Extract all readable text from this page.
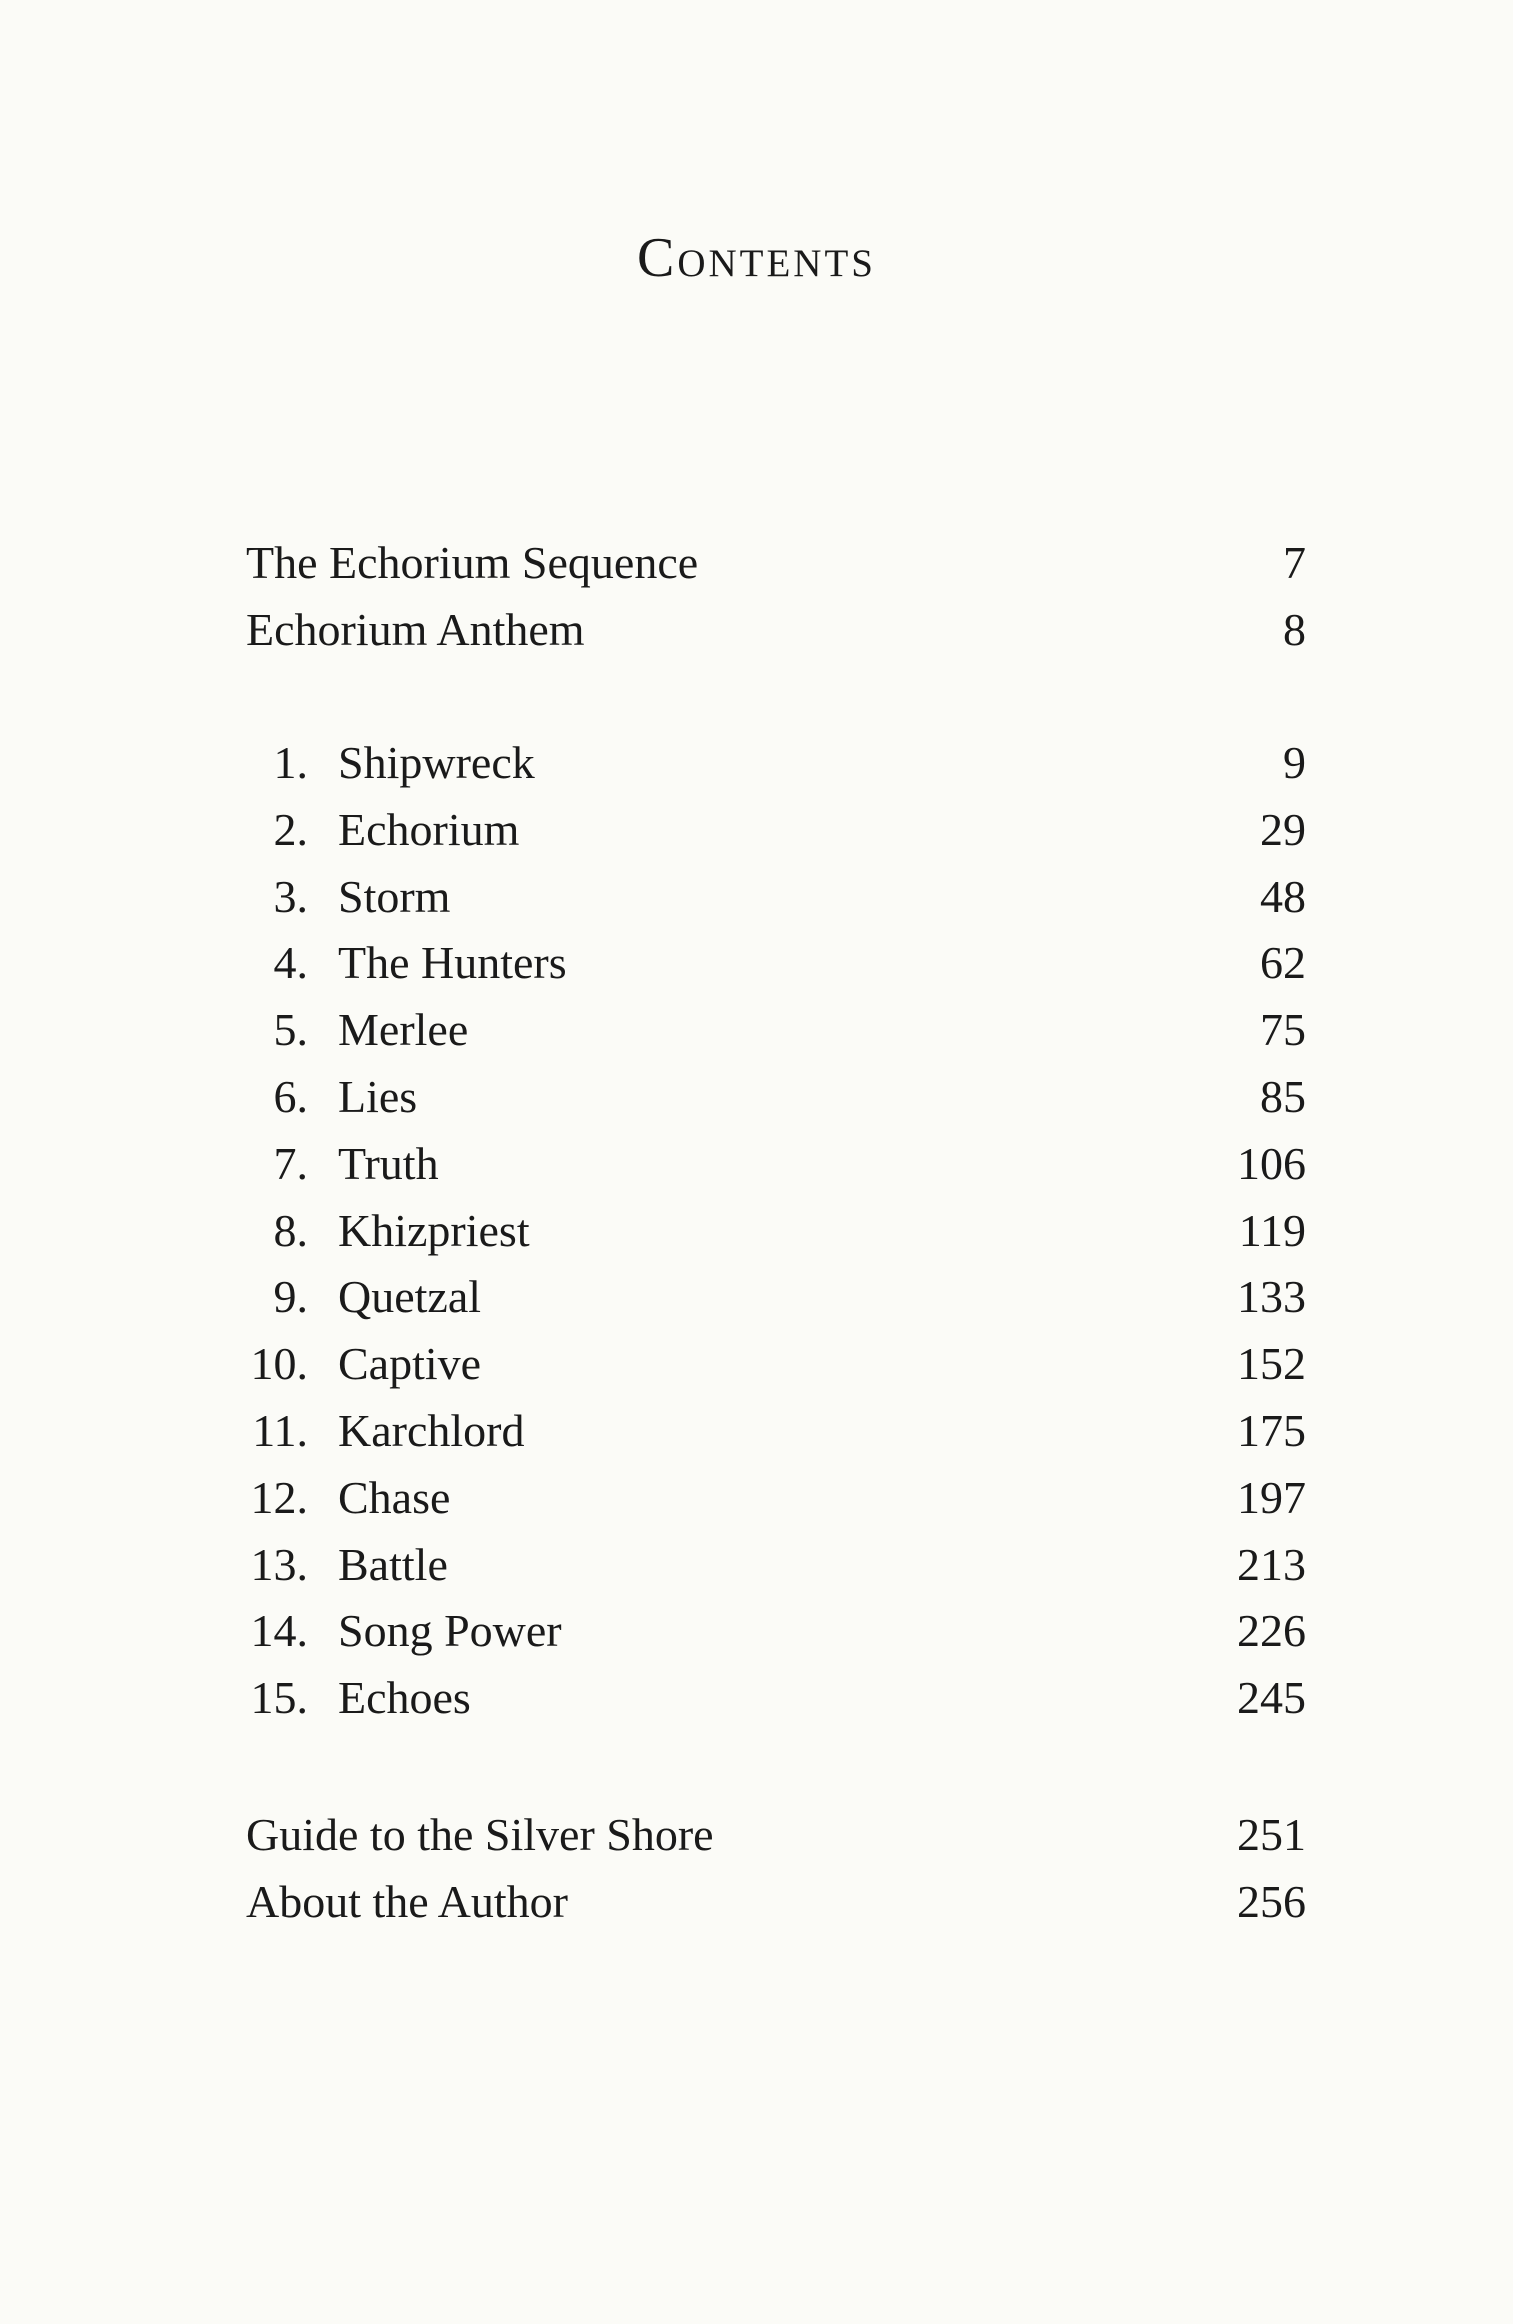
Contents
The Echorium Sequence	7
Echorium Anthem	8
1. Shipwreck	9
2. Echorium	29
3. Storm	48
4. The Hunters	62
5. Merlee	75
6. Lies	85
7. Truth	106
8. Khizpriest	119
9. Quetzal	133
10. Captive	152
11. Karchlord	175
12. Chase	197
13. Battle	213
14. Song Power	226
15. Echoes	245
Guide to the Silver Shore	251
About the Author	256
